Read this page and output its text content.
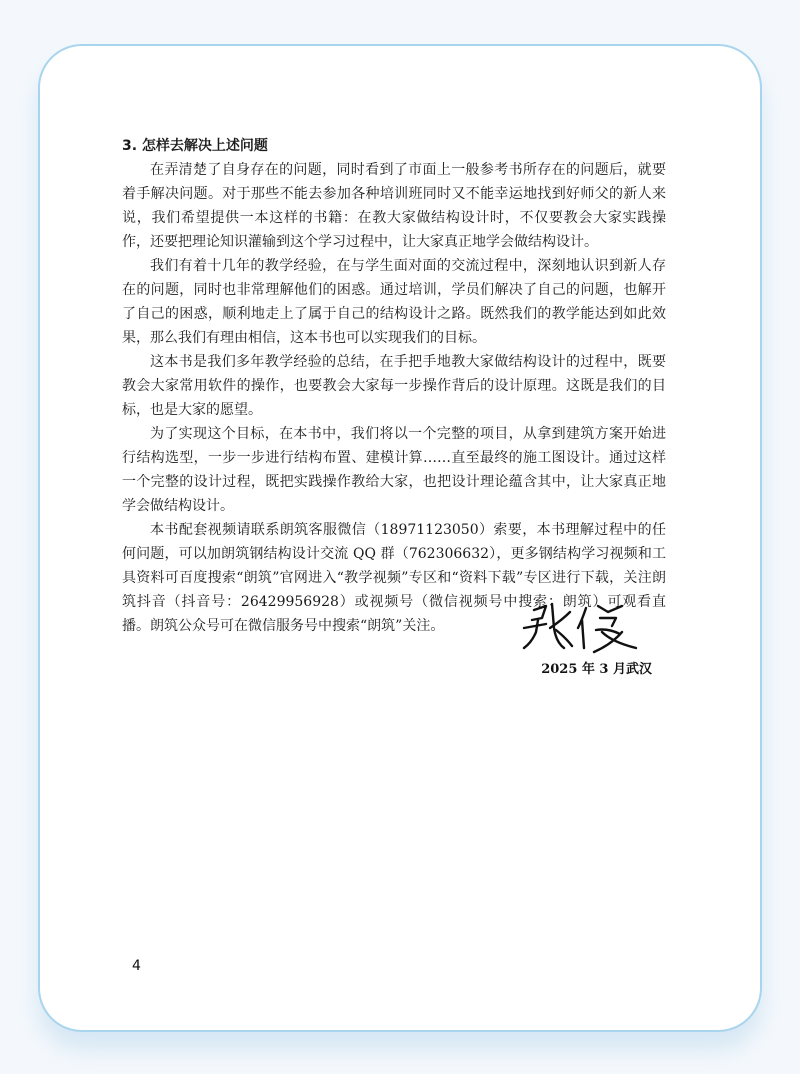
3. 怎样去解决上述问题

在弄清楚了自身存在的问题，同时看到了市面上一般参考书所存在的问题后，就要着手解决问题。对于那些不能去参加各种培训班同时又不能幸运地找到好师父的新人来说，我们希望提供一本这样的书籍：在教大家做结构设计时，不仅要教会大家实践操作，还要把理论知识灌输到这个学习过程中，让大家真正地学会做结构设计。

我们有着十几年的教学经验，在与学生面对面的交流过程中，深刻地认识到新人存在的问题，同时也非常理解他们的困惑。通过培训，学员们解决了自己的问题，也解开了自己的困惑，顺利地走上了属于自己的结构设计之路。既然我们的教学能达到如此效果，那么我们有理由相信，这本书也可以实现我们的目标。

这本书是我们多年教学经验的总结，在手把手地教大家做结构设计的过程中，既要教会大家常用软件的操作，也要教会大家每一步操作背后的设计原理。这既是我们的目标，也是大家的愿望。

为了实现这个目标，在本书中，我们将以一个完整的项目，从拿到建筑方案开始进行结构选型，一步一步进行结构布置、建模计算……直至最终的施工图设计。通过这样一个完整的设计过程，既把实践操作教给大家，也把设计理论蕴含其中，让大家真正地学会做结构设计。

本书配套视频请联系朗筑客服微信（18971123050）索要，本书理解过程中的任何问题，可以加朗筑钢结构设计交流 QQ 群（762306632），更多钢结构学习视频和工具资料可百度搜索“朗筑”官网进入“教学视频”专区和“资料下载”专区进行下载，关注朗筑抖音（抖音号：26429956928）或视频号（微信视频号中搜索：朗筑）可观看直播。朗筑公众号可在微信服务号中搜索“朗筑”关注。

2025 年 3 月武汉
4
